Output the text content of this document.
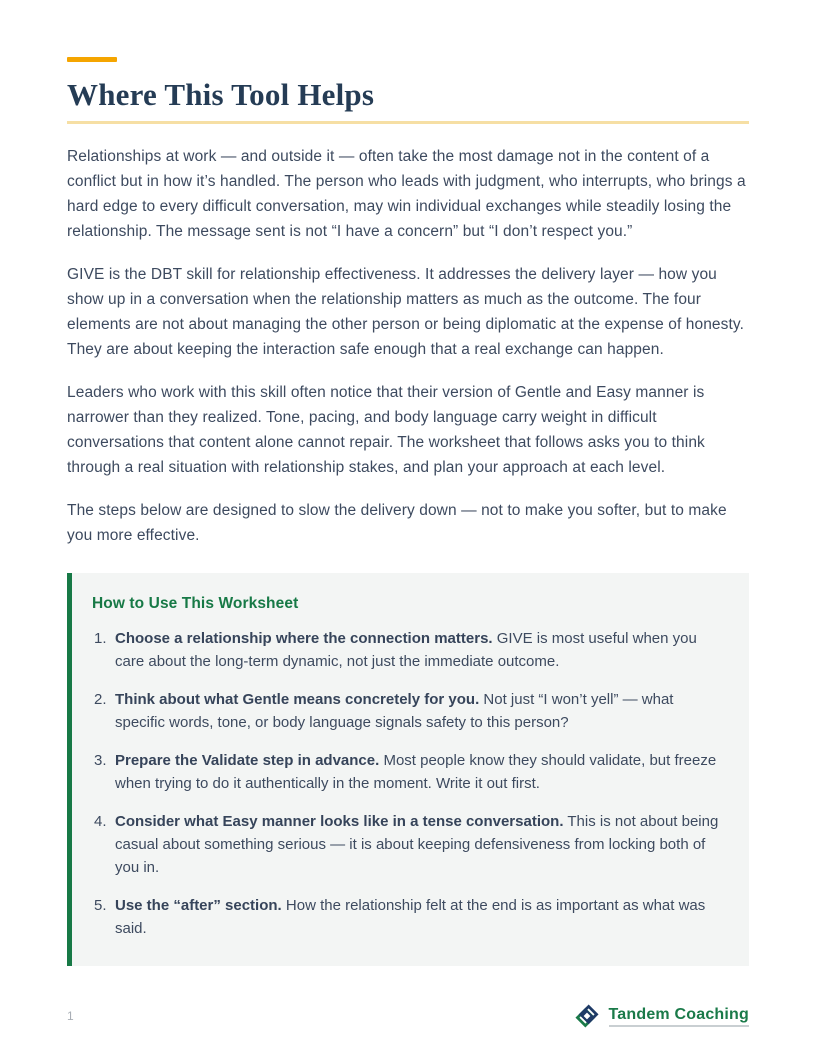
Where This Tool Helps

Relationships at work — and outside it — often take the most damage not in the content of a conflict but in how it’s handled. The person who leads with judgment, who interrupts, who brings a hard edge to every difficult conversation, may win individual exchanges while steadily losing the relationship. The message sent is not “I have a concern” but “I don’t respect you.”

GIVE is the DBT skill for relationship effectiveness. It addresses the delivery layer — how you show up in a conversation when the relationship matters as much as the outcome. The four elements are not about managing the other person or being diplomatic at the expense of honesty. They are about keeping the interaction safe enough that a real exchange can happen.

Leaders who work with this skill often notice that their version of Gentle and Easy manner is narrower than they realized. Tone, pacing, and body language carry weight in difficult conversations that content alone cannot repair. The worksheet that follows asks you to think through a real situation with relationship stakes, and plan your approach at each level.

The steps below are designed to slow the delivery down — not to make you softer, but to make you more effective.

How to Use This Worksheet
Choose a relationship where the connection matters. GIVE is most useful when you care about the long-term dynamic, not just the immediate outcome.
Think about what Gentle means concretely for you. Not just “I won’t yell” — what specific words, tone, or body language signals safety to this person?
Prepare the Validate step in advance. Most people know they should validate, but freeze when trying to do it authentically in the moment. Write it out first.
Consider what Easy manner looks like in a tense conversation. This is not about being casual about something serious — it is about keeping defensiveness from locking both of you in.
Use the “after” section. How the relationship felt at the end is as important as what was said.
1	Tandem Coaching
